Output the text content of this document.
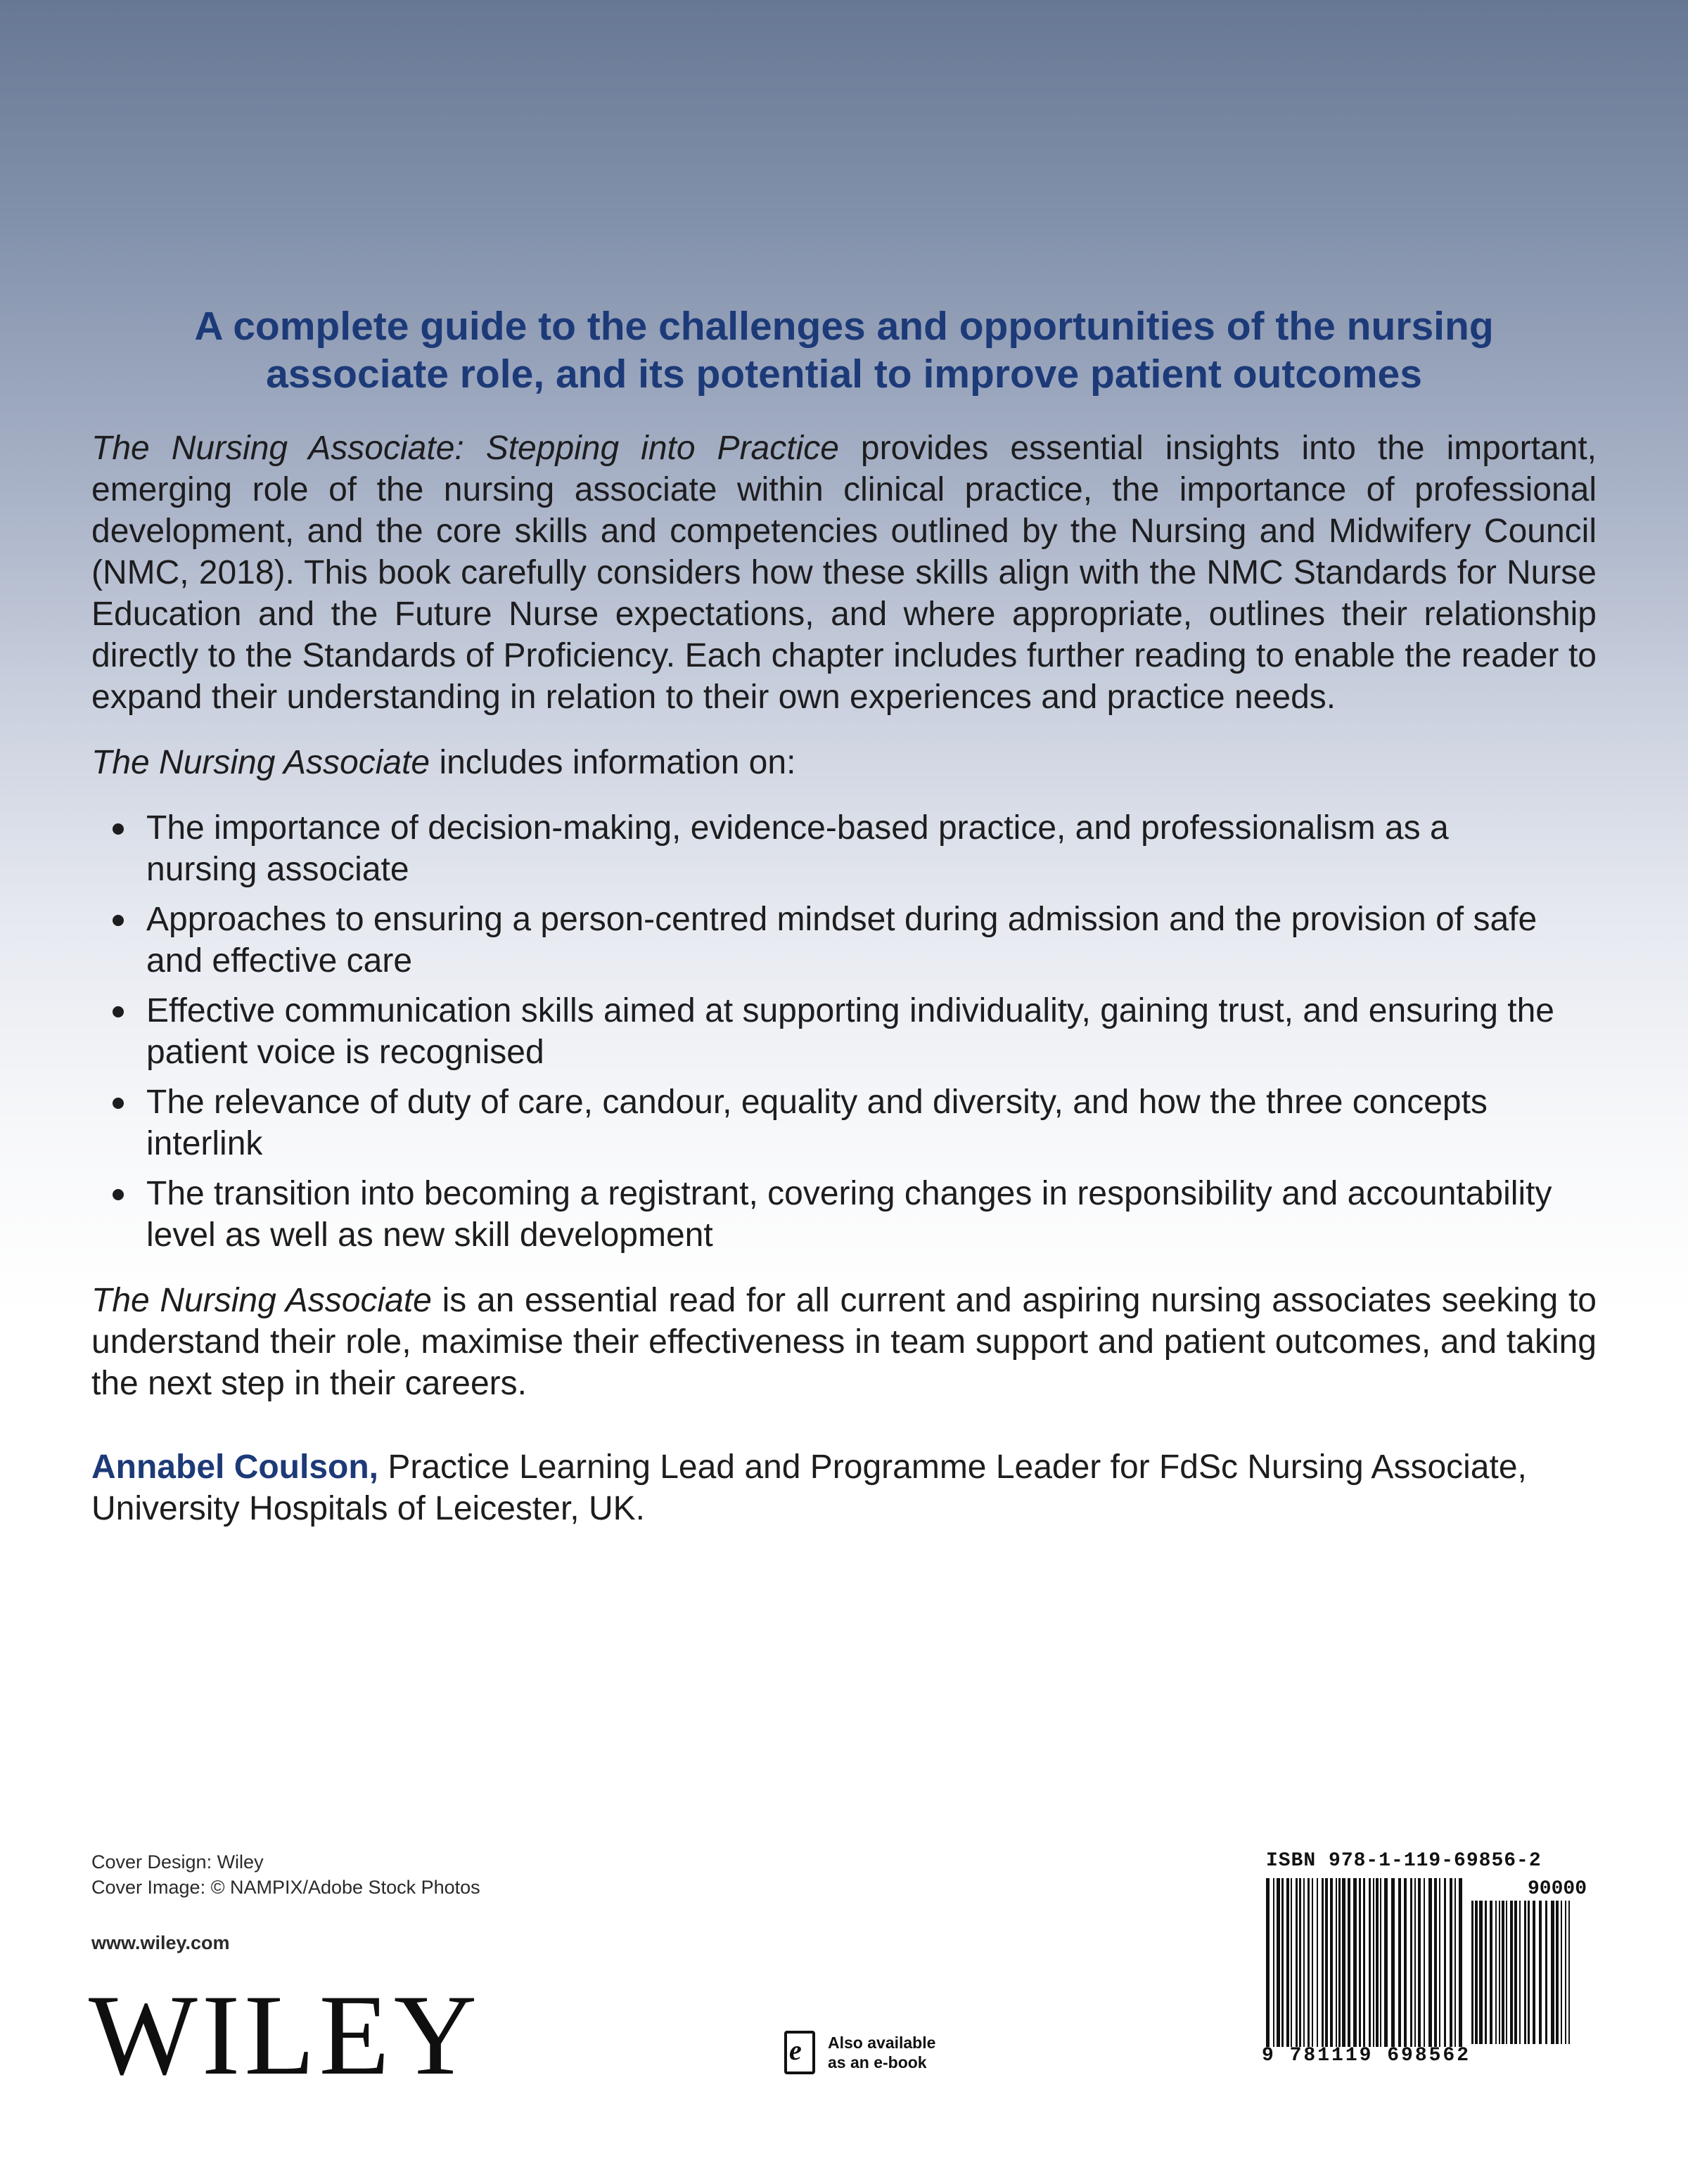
A complete guide to the challenges and opportunities of the nursing
associate role, and its potential to improve patient outcomes

The Nursing Associate: Stepping into Practice provides essential insights into the important, emerging role of the nursing associate within clinical practice, the importance of professional development, and the core skills and competencies outlined by the Nursing and Midwifery Council (NMC, 2018). This book carefully considers how these skills align with the NMC Standards for Nurse Education and the Future Nurse expectations, and where appropriate, outlines their relationship directly to the Standards of Proficiency. Each chapter includes further reading to enable the reader to expand their understanding in relation to their own experiences and practice needs.

The Nursing Associate includes information on:

The importance of decision-making, evidence-based practice, and professionalism as a nursing associate
Approaches to ensuring a person-centred mindset during admission and the provision of safe and effective care
Effective communication skills aimed at supporting individuality, gaining trust, and ensuring the patient voice is recognised
The relevance of duty of care, candour, equality and diversity, and how the three concepts interlink
The transition into becoming a registrant, covering changes in responsibility and accountability level as well as new skill development

The Nursing Associate is an essential read for all current and aspiring nursing associates seeking to understand their role, maximise their effectiveness in team support and patient outcomes, and taking the next step in their careers.

Annabel Coulson, Practice Learning Lead and Programme Leader for FdSc Nursing Associate,
University Hospitals of Leicester, UK.
Cover Design: Wiley
Cover Image: © NAMPIX/Adobe Stock Photos
www.wiley.com
WILEY	e Also available
as an e-book
ISBN 978-1-119-69856-2
90000
9 781119 698562
